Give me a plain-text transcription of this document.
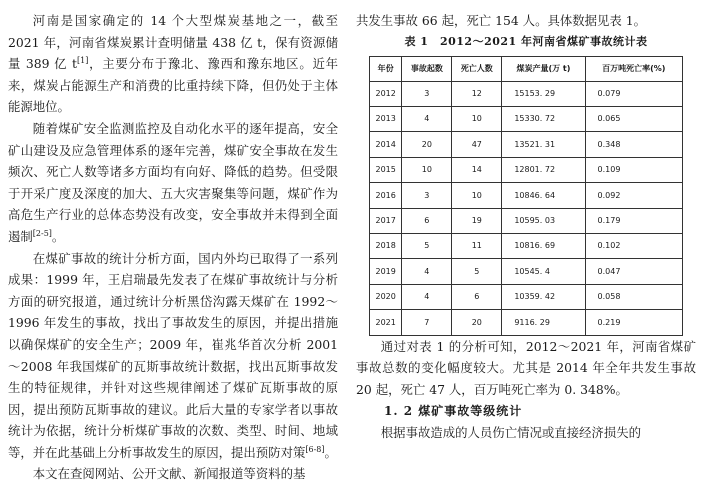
河南是国家确定的 14 个大型煤炭基地之一，截至 2021 年，河南省煤炭累计查明储量 438 亿 t，保有资源储量 389 亿 t[1]，主要分布于豫北、豫西和豫东地区。近年来，煤炭占能源生产和消费的比重持续下降，但仍处于主体能源地位。

随着煤矿安全监测监控及自动化水平的逐年提高，安全矿山建设及应急管理体系的逐年完善，煤矿安全事故在发生频次、死亡人数等诸多方面均有向好、降低的趋势。但受限于开采广度及深度的加大、五大灾害聚集等问题，煤矿作为高危生产行业的总体态势没有改变，安全事故并未得到全面遏制[2-5]。

在煤矿事故的统计分析方面，国内外均已取得了一系列成果：1999 年，王启瑞最先发表了在煤矿事故统计与分析方面的研究报道，通过统计分析黑岱沟露天煤矿在 1992～1996 年发生的事故，找出了事故发生的原因，并提出措施以确保煤矿的安全生产；2009 年，崔兆华首次分析 2001～2008 年我国煤矿的瓦斯事故统计数据，找出瓦斯事故发生的特征规律，并针对这些规律阐述了煤矿瓦斯事故的原因，提出预防瓦斯事故的建议。此后大量的专家学者以事故统计为依据，统计分析煤矿事故的次数、类型、时间、地域等，并在此基础上分析事故发生的原因，提出预防对策[6-8]。

本文在查阅网站、公开文献、新闻报道等资料的基

共发生事故 66 起，死亡 154 人。具体数据见表 1。

表 1　2012～2021 年河南省煤矿事故统计表
年份	事故起数	死亡人数	煤炭产量(万 t)	百万吨死亡率(%)
2012	3	12	15153. 29	0.079
2013	4	10	15330. 72	0.065
2014	20	47	13521. 31	0.348
2015	10	14	12801. 72	0.109
2016	3	10	10846. 64	0.092
2017	6	19	10595. 03	0.179
2018	5	11	10816. 69	0.102
2019	4	5	10545. 4	0.047
2020	4	6	10359. 42	0.058
2021	7	20	9116. 29	0.219

通过对表 1 的分析可知，2012～2021 年，河南省煤矿事故总数的变化幅度较大。尤其是 2014 年全年共发生事故 20 起，死亡 47 人，百万吨死亡率为 0. 348%。

1. 2 煤矿事故等级统计

根据事故造成的人员伤亡情况或直接经济损失的
